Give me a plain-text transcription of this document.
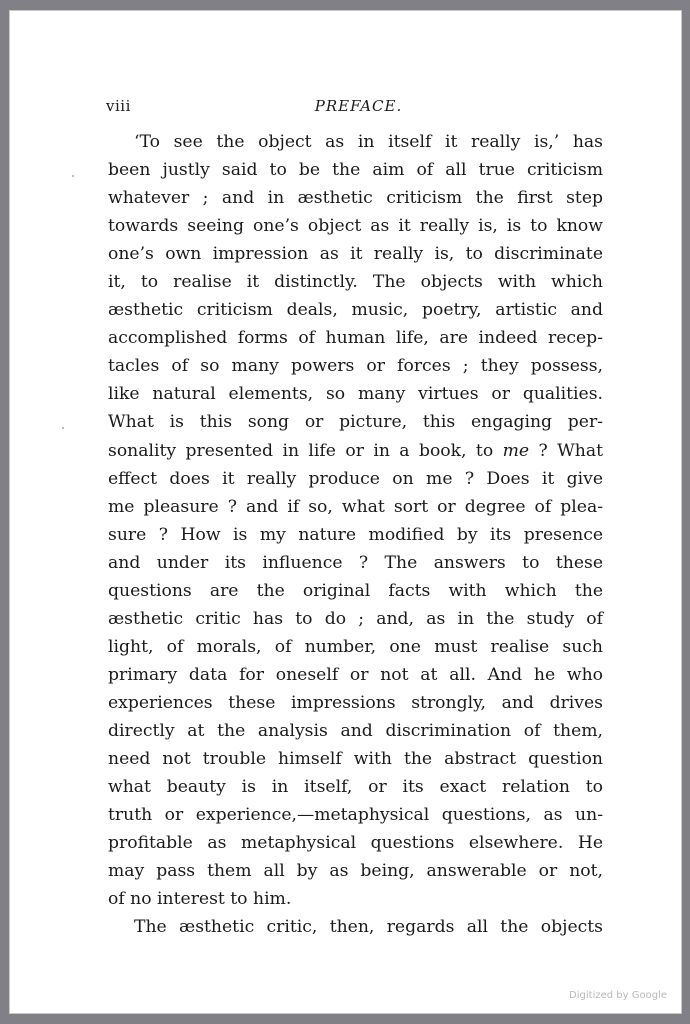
viii	PREFACE.
‘To see the object as in itself it really is,’ has
been justly said to be the aim of all true criticism
whatever ; and in æsthetic criticism the first step
towards seeing one’s object as it really is, is to know
one’s own impression as it really is, to discriminate
it, to realise it distinctly. The objects with which
æsthetic criticism deals, music, poetry, artistic and
accomplished forms of human life, are indeed recep-
tacles of so many powers or forces ; they possess,
like natural elements, so many virtues or qualities.
What is this song or picture, this engaging per-
sonality presented in life or in a book, to me ? What
effect does it really produce on me ? Does it give
me pleasure ? and if so, what sort or degree of plea-
sure ? How is my nature modified by its presence
and under its influence ? The answers to these
questions are the original facts with which the
æsthetic critic has to do ; and, as in the study of
light, of morals, of number, one must realise such
primary data for oneself or not at all. And he who
experiences these impressions strongly, and drives
directly at the analysis and discrimination of them,
need not trouble himself with the abstract question
what beauty is in itself, or its exact relation to
truth or experience,—metaphysical questions, as un-
profitable as metaphysical questions elsewhere. He
may pass them all by as being, answerable or not,
of no interest to him.
The æsthetic critic, then, regards all the objects
Digitized by Google
